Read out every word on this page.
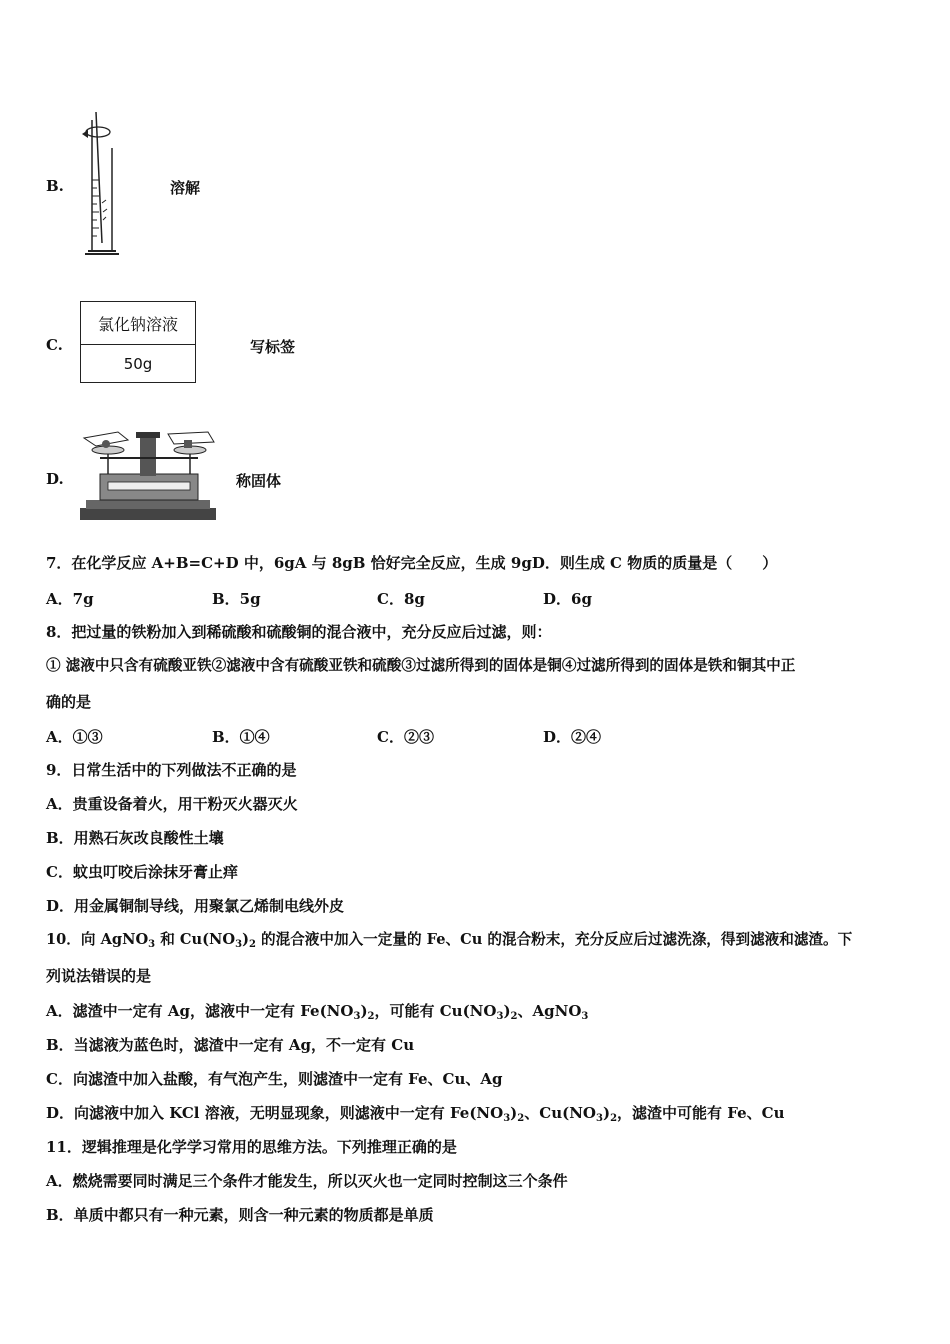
B.	溶解
C.
氯化钠溶液
50g
写标签
D.	称固体
7．在化学反应 A+B=C+D 中，6gA 与 8gB 恰好完全反应，生成 9gD．则生成 C 物质的质量是（　　）
A．7g	B．5g	C．8g	D．6g
8．把过量的铁粉加入到稀硫酸和硫酸铜的混合液中，充分反应后过滤，则：
① 滤液中只含有硫酸亚铁②滤液中含有硫酸亚铁和硫酸③过滤所得到的固体是铜④过滤所得到的固体是铁和铜其中正
确的是
A．①③	B．①④	C．②③	D．②④
9．日常生活中的下列做法不正确的是
A．贵重设备着火，用干粉灭火器灭火
B．用熟石灰改良酸性土壤
C．蚊虫叮咬后涂抹牙膏止痒
D．用金属铜制导线，用聚氯乙烯制电线外皮
10．向 AgNO$_3$ 和 $Cu(NO_3)_2$ 的混合液中加入一定量的 Fe、Cu 的混合粉末，充分反应后过滤洗涤，得到滤液和滤渣。下
列说法错误的是
A．滤渣中一定有 Ag，滤液中一定有 $Fe(NO_3)_2$，可能有 $Cu(NO_3)_2$、AgNO$_3$
B．当滤液为蓝色时，滤渣中一定有 Ag，不一定有 Cu
C．向滤渣中加入盐酸，有气泡产生，则滤渣中一定有 Fe、Cu、Ag
D．向滤液中加入 KCl 溶液，无明显现象，则滤液中一定有 $Fe(NO_3)_2$、$Cu(NO_3)_2$，滤渣中可能有 Fe、Cu
11．逻辑推理是化学学习常用的思维方法。下列推理正确的是
A．燃烧需要同时满足三个条件才能发生，所以灭火也一定同时控制这三个条件
B．单质中都只有一种元素，则含一种元素的物质都是单质
